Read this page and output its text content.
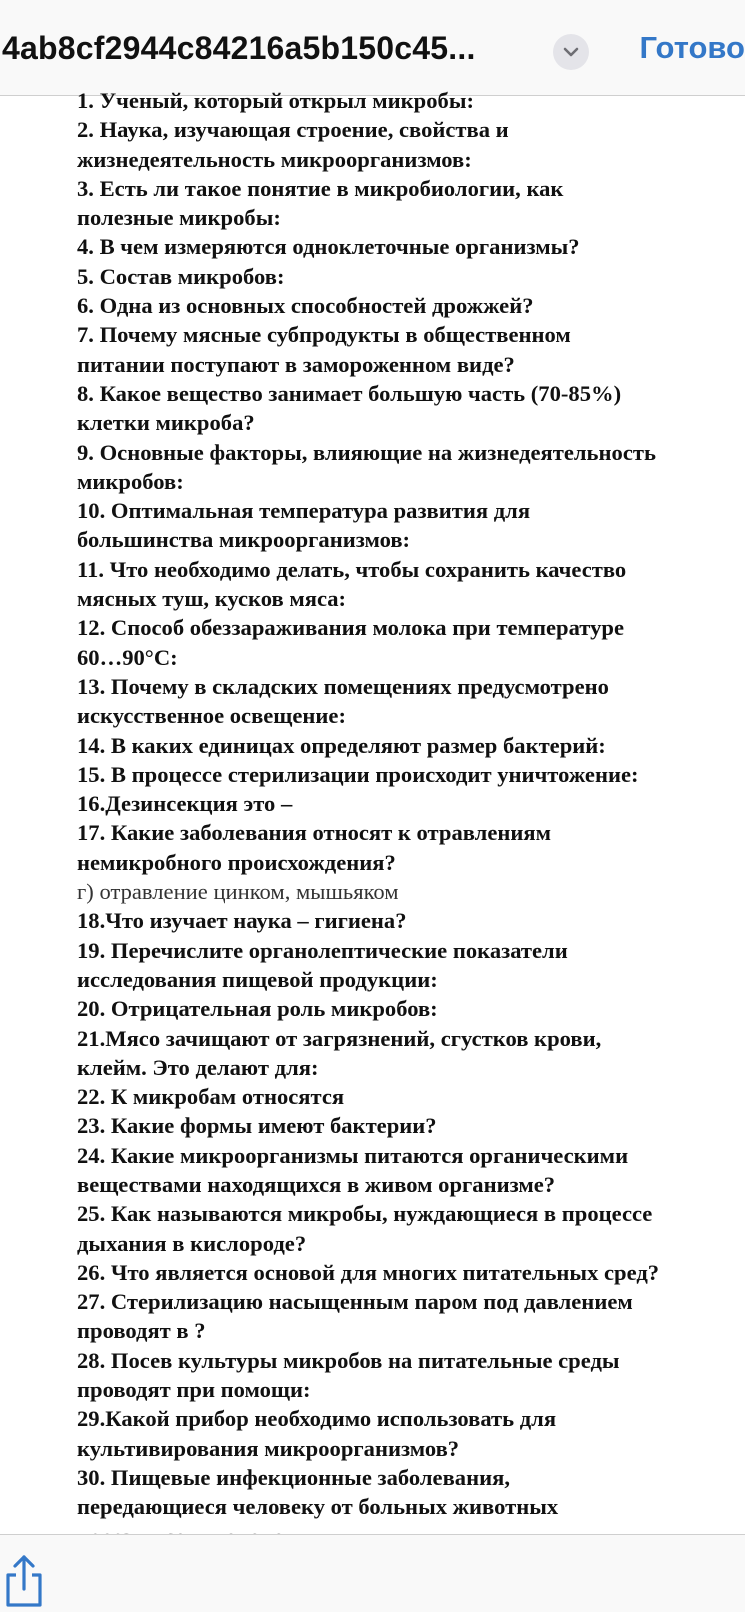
4ab8cf2944c84216a5b150c45...	Готово
1. Ученый, который открыл микробы:
2. Наука, изучающая строение, свойства и
жизнедеятельность микроорганизмов:
3. Есть ли такое понятие в микробиологии, как
полезные микробы:
4. В чем измеряются одноклеточные организмы?
5. Состав микробов:
6. Одна из основных способностей дрожжей?
7. Почему мясные субпродукты в общественном
питании поступают в замороженном виде?
8. Какое вещество занимает большую часть (70-85%)
клетки микроба?
9. Основные факторы, влияющие на жизнедеятельность
микробов:
10. Оптимальная температура развития для
большинства микроорганизмов:
11. Что необходимо делать, чтобы сохранить качество
мясных туш, кусков мяса:
12. Способ обеззараживания молока при температуре
60…90°С:
13. Почему в складских помещениях предусмотрено
искусственное освещение:
14. В каких единицах определяют размер бактерий:
15. В процессе стерилизации происходит уничтожение:
16.Дезинсекция это –
17. Какие заболевания относят к отравлениям
немикробного происхождения?
г) отравление цинком, мышьяком
18.Что изучает наука – гигиена?
19. Перечислите органолептические показатели
исследования пищевой продукции:
20. Отрицательная роль микробов:
21.Мясо зачищают от загрязнений, сгустков крови,
клейм. Это делают для:
22. К микробам относятся
23. Какие формы имеют бактерии?
24. Какие микроорганизмы питаются органическими
веществами находящихся в живом организме?
25. Как называются микробы, нуждающиеся в процессе
дыхания в кислороде?
26. Что является основой для многих питательных сред?
27. Стерилизацию насыщенным паром под давлением
проводят в ?
28. Посев культуры микробов на питательные среды
проводят при помощи:
29.Какой прибор необходимо использовать для
культивирования микроорганизмов?
30. Пищевые инфекционные заболевания,
передающиеся человеку от больных животных
